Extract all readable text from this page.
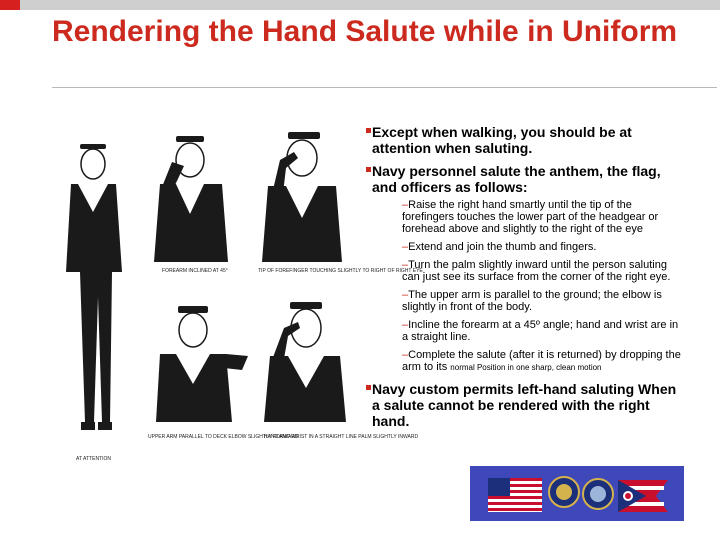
Rendering the Hand Salute while in Uniform
FOREARM INCLINED AT 45°	TIP OF FOREFINGER TOUCHING SLIGHTLY TO RIGHT OF RIGHT EYE
UPPER ARM PARALLEL TO DECK ELBOW SLIGHTLY FORWARD
HAND AND WRIST IN A STRAIGHT LINE PALM SLIGHTLY INWARD
AT ATTENTION
Except when walking, you should be at attention when saluting.
Navy personnel salute the anthem, the flag, and officers as follows:
–Raise the right hand smartly until the tip of the forefingers touches the lower part of the headgear or forehead above and slightly to the right of the eye
–Extend and join the thumb and fingers.
–Turn the palm slightly inward until the person saluting can just see its surface from the corner of the right eye.
–The upper arm is parallel to the ground; the elbow is slightly in front of the body.
–Incline the forearm at a 45º angle; hand and wrist are in a straight line.
–Complete the salute (after it is returned) by dropping the arm to its normal Position in one sharp, clean motion
Navy custom permits left-hand saluting When a salute cannot be rendered with the right hand.
